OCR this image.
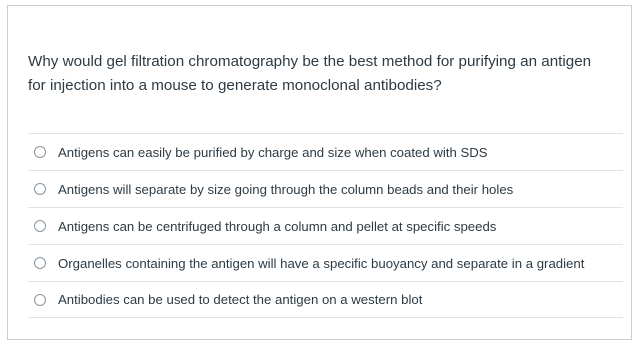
Why would gel filtration chromatography be the best method for purifying an antigen for injection into a mouse to generate monoclonal antibodies?

Antigens can easily be purified by charge and size when coated with SDS
Antigens will separate by size going through the column beads and their holes
Antigens can be centrifuged through a column and pellet at specific speeds
Organelles containing the antigen will have a specific buoyancy and separate in a gradient
Antibodies can be used to detect the antigen on a western blot
